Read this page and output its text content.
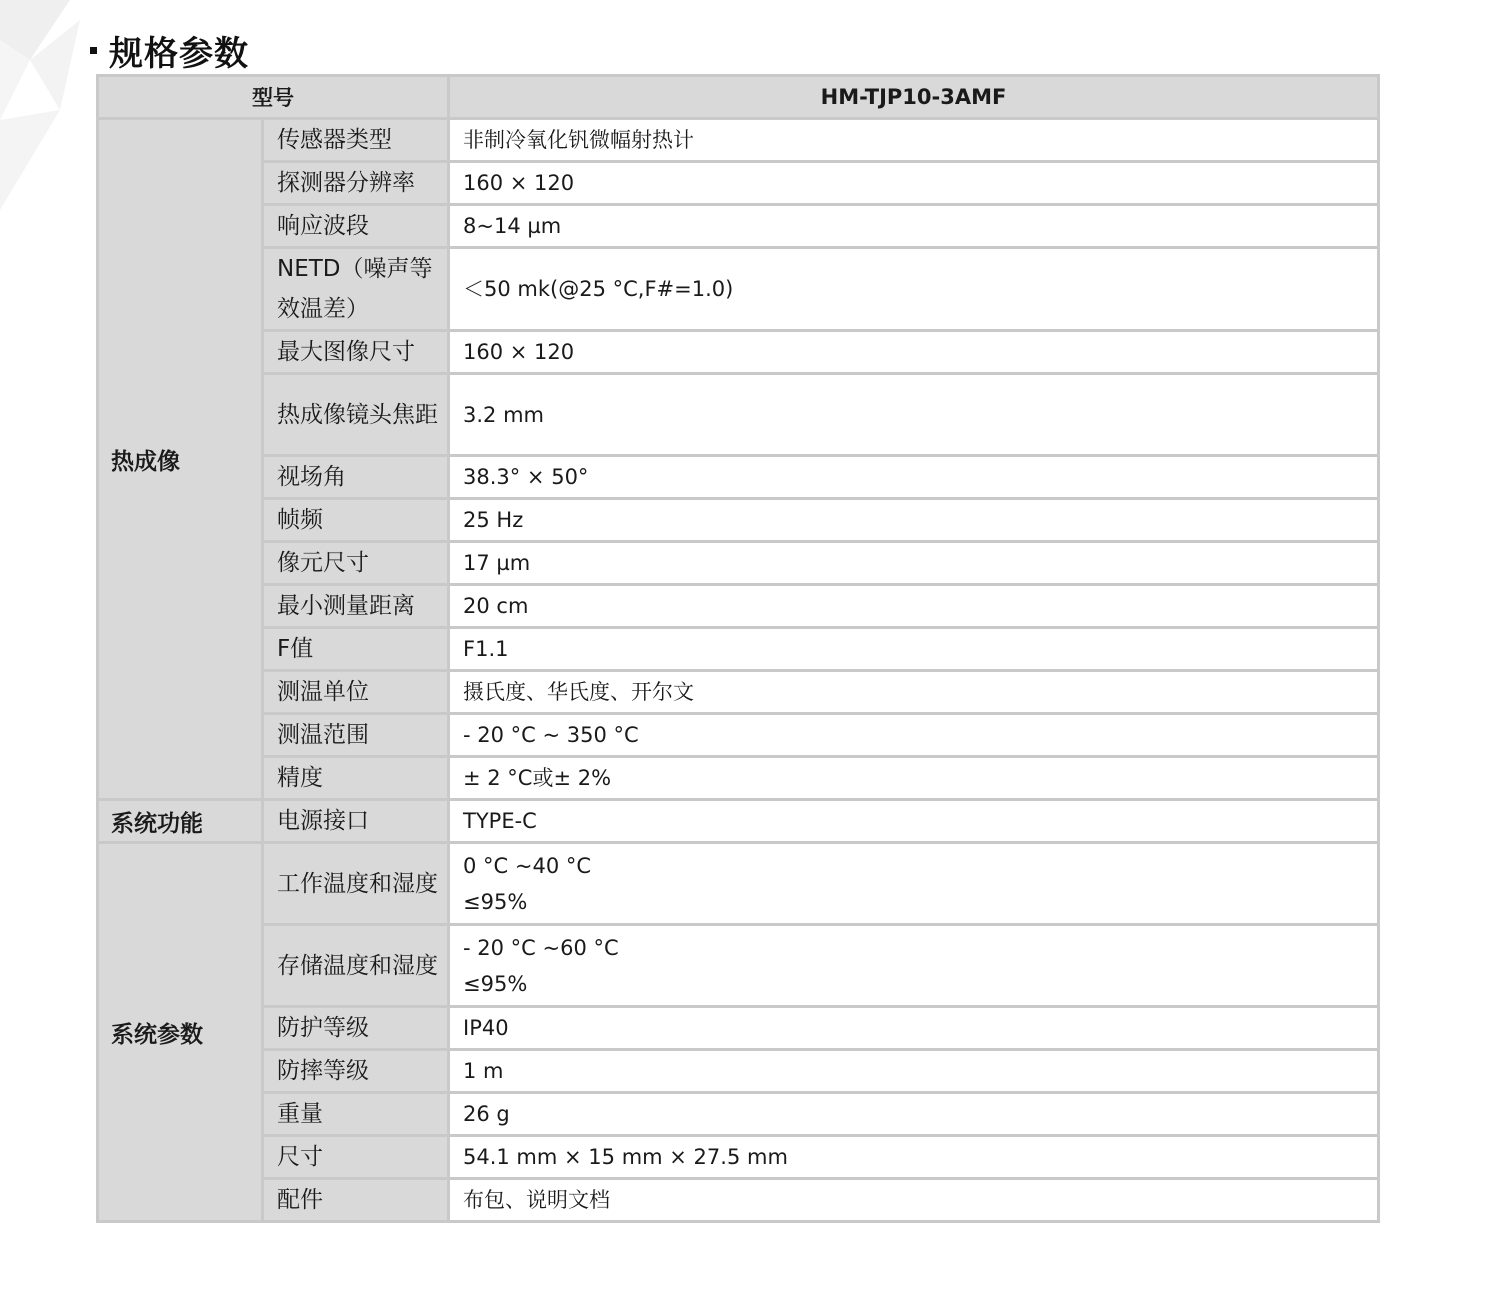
规格参数
型号		HM-TJP10-3AMF
热成像	传感器类型	非制冷氧化钒微幅射热计
	探测器分辨率	160 × 120
	响应波段	8~14 µm
	NETD（噪声等效温差）	＜50 mk(@25 °C,F#=1.0)
	最大图像尺寸	160 × 120
	热成像镜头焦距	3.2 mm
	视场角	38.3° × 50°
	帧频	25 Hz
	像元尺寸	17 µm
	最小测量距离	20 cm
	F值	F1.1
	测温单位	摄氏度、华氏度、开尔文
	测温范围	- 20 °C ~ 350 °C
	精度	± 2 °C或± 2%
系统功能	电源接口	TYPE-C
系统参数	工作温度和湿度	0 °C ~40 °C
≤95%

	存储温度和湿度	- 20 °C ~60 °C
≤95%

	防护等级	IP40
	防摔等级	1 m
	重量	26 g
	尺寸	54.1 mm × 15 mm × 27.5 mm
	配件	布包、说明文档
